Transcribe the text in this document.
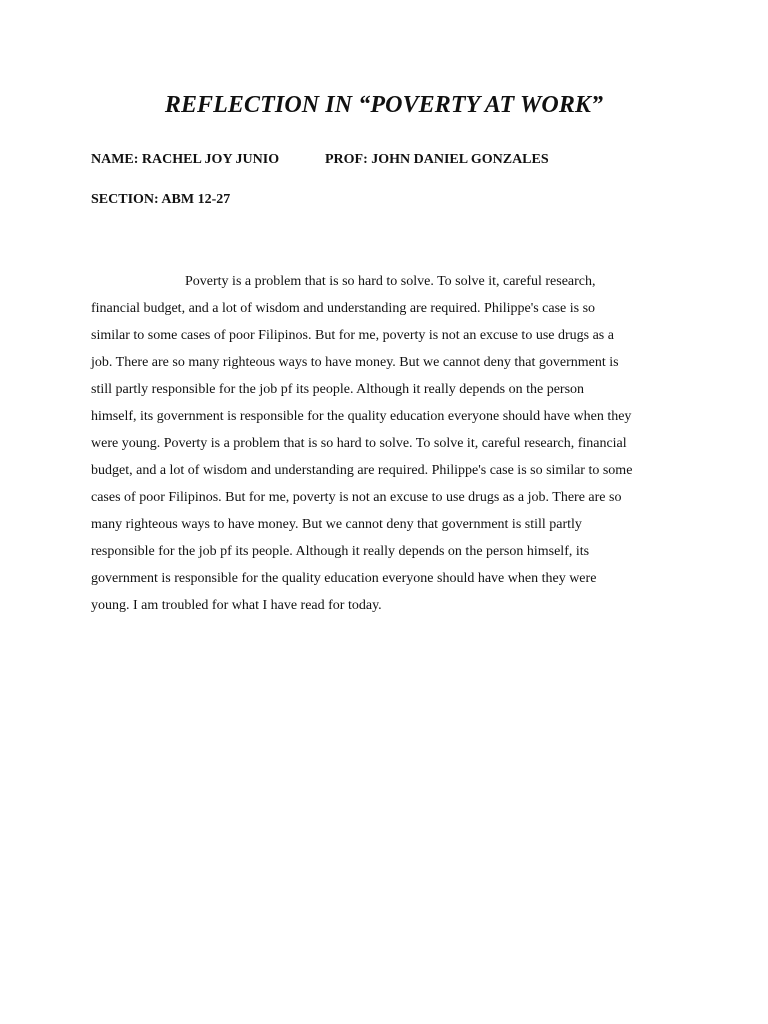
REFLECTION IN “POVERTY AT WORK”

NAME: RACHEL JOY JUNIO	PROF: JOHN DANIEL GONZALES

SECTION: ABM 12-27

Poverty is a problem that is so hard to solve. To solve it, careful research,
financial budget, and a lot of wisdom and understanding are required. Philippe's case is so
similar to some cases of poor Filipinos. But for me, poverty is not an excuse to use drugs as a
job. There are so many righteous ways to have money. But we cannot deny that government is
still partly responsible for the job pf its people. Although it really depends on the person
himself, its government is responsible for the quality education everyone should have when they
were young. Poverty is a problem that is so hard to solve. To solve it, careful research, financial
budget, and a lot of wisdom and understanding are required. Philippe's case is so similar to some
cases of poor Filipinos. But for me, poverty is not an excuse to use drugs as a job. There are so
many righteous ways to have money. But we cannot deny that government is still partly
responsible for the job pf its people. Although it really depends on the person himself, its
government is responsible for the quality education everyone should have when they were
young. I am troubled for what I have read for today.
